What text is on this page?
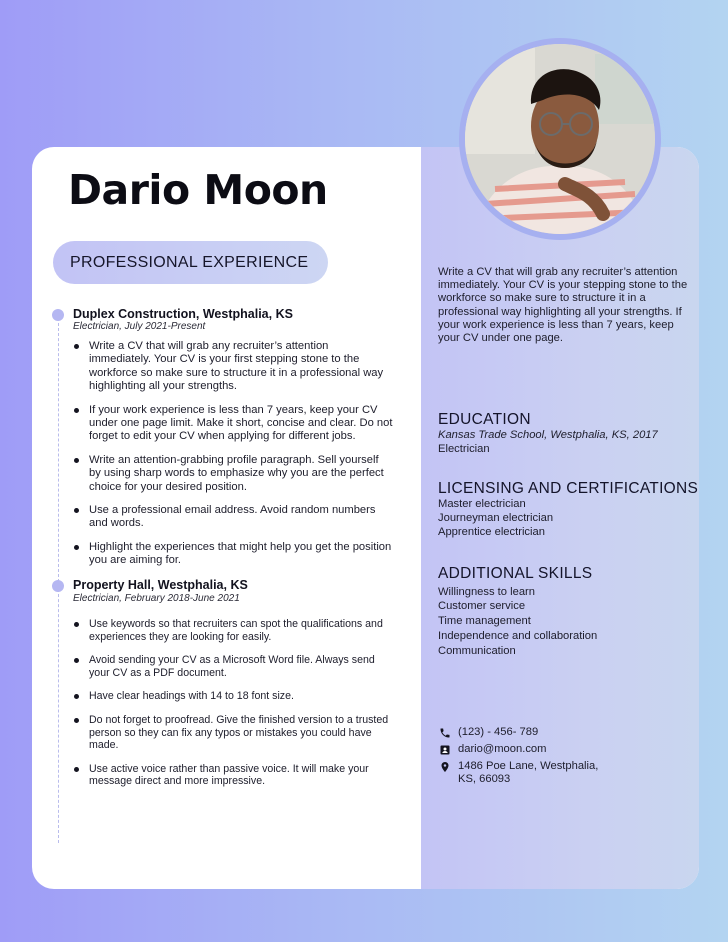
Dario Moon
PROFESSIONAL EXPERIENCE
Duplex Construction, Westphalia, KS
Electrician, July 2021-Present
Write a CV that will grab any recruiter’s attention immediately. Your CV is your first stepping stone to the workforce so make sure to structure it in a professional way highlighting all your strengths.
If your work experience is less than 7 years, keep your CV under one page limit. Make it short, concise and clear. Do not forget to edit your CV when applying for different jobs.
Write an attention-grabbing profile paragraph. Sell yourself by using sharp words to emphasize why you are the perfect choice for your desired position.
Use a professional email address. Avoid random numbers and words.
Highlight the experiences that might help you get the position you are aiming for.
Property Hall, Westphalia, KS
Electrician, February 2018-June 2021
Use keywords so that recruiters can spot the qualifications and experiences they are looking for easily.
Avoid sending your CV as a Microsoft Word file. Always send your CV as a PDF document.
Have clear headings with 14 to 18 font size.
Do not forget to proofread. Give the finished version to a trusted person so they can fix any typos or mistakes you could have made.
Use active voice rather than passive voice. It will make your message direct and more impressive.
Write a CV that will grab any recruiter’s attention immediately. Your CV is your stepping stone to the workforce so make sure to structure it in a professional way highlighting all your strengths. If your work experience is less than 7 years, keep your CV under one page.
EDUCATION
Kansas Trade School, Westphalia, KS, 2017
Electrician
LICENSING AND CERTIFICATIONS
Master electrician
Journeyman electrician
Apprentice electrician
ADDITIONAL SKILLS
Willingness to learn
Customer service
Time management
Independence and collaboration
Communication
(123) - 456- 789
dario@moon.com
1486 Poe Lane, Westphalia,
KS, 66093
